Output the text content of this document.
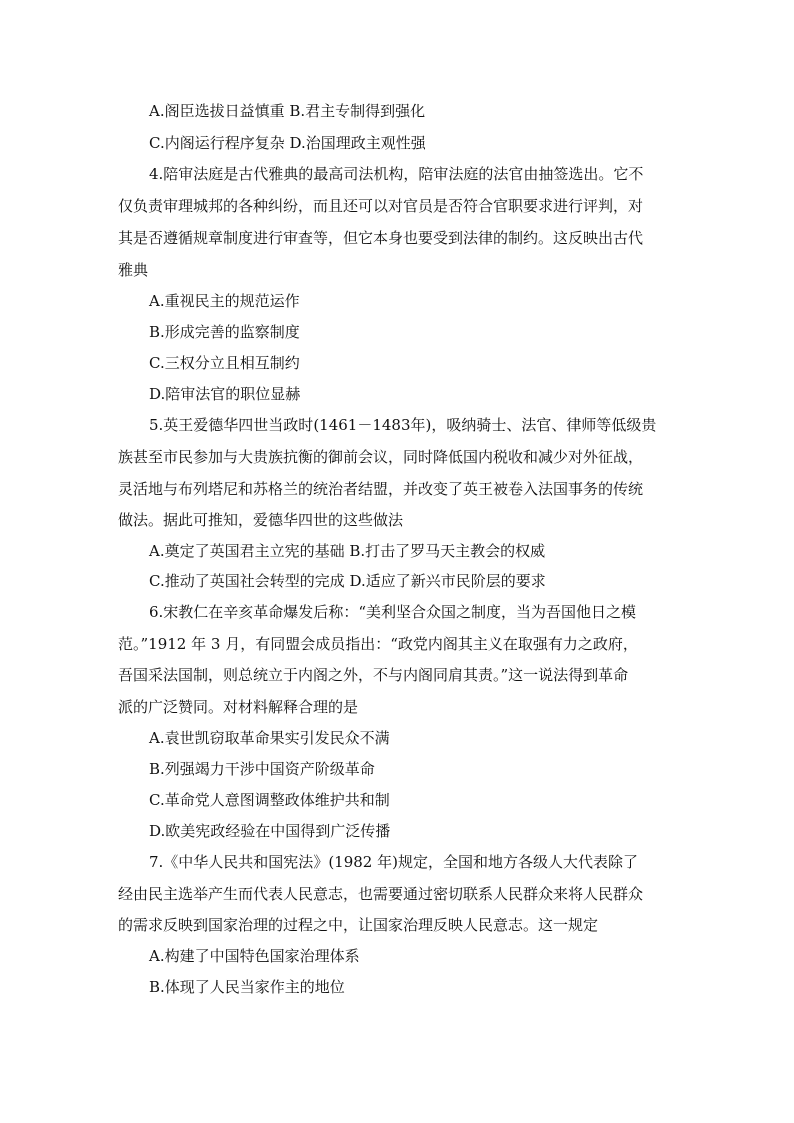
A.阁臣选拔日益慎重 B.君主专制得到强化
C.内阁运行程序复杂 D.治国理政主观性强
4.陪审法庭是古代雅典的最高司法机构，陪审法庭的法官由抽签选出。它不
仅负责审理城邦的各种纠纷，而且还可以对官员是否符合官职要求进行评判，对
其是否遵循规章制度进行审查等，但它本身也要受到法律的制约。这反映出古代
雅典
A.重视民主的规范运作
B.形成完善的监察制度
C.三权分立且相互制约
D.陪审法官的职位显赫
5.英王爱德华四世当政时(1461－1483年)，吸纳骑士、法官、律师等低级贵
族甚至市民参加与大贵族抗衡的御前会议，同时降低国内税收和减少对外征战，
灵活地与布列塔尼和苏格兰的统治者结盟，并改变了英王被卷入法国事务的传统
做法。据此可推知，爱德华四世的这些做法
A.奠定了英国君主立宪的基础 B.打击了罗马天主教会的权威
C.推动了英国社会转型的完成 D.适应了新兴市民阶层的要求
6.宋教仁在辛亥革命爆发后称：“美利坚合众国之制度，当为吾国他日之模
范。”1912 年 3 月，有同盟会成员指出：“政党内阁其主义在取强有力之政府，
吾国采法国制，则总统立于内阁之外，不与内阁同肩其责。”这一说法得到革命
派的广泛赞同。对材料解释合理的是
A.袁世凯窃取革命果实引发民众不满
B.列强竭力干涉中国资产阶级革命
C.革命党人意图调整政体维护共和制
D.欧美宪政经验在中国得到广泛传播
7.《中华人民共和国宪法》(1982 年)规定，全国和地方各级人大代表除了
经由民主选举产生而代表人民意志，也需要通过密切联系人民群众来将人民群众
的需求反映到国家治理的过程之中，让国家治理反映人民意志。这一规定
A.构建了中国特色国家治理体系
B.体现了人民当家作主的地位
